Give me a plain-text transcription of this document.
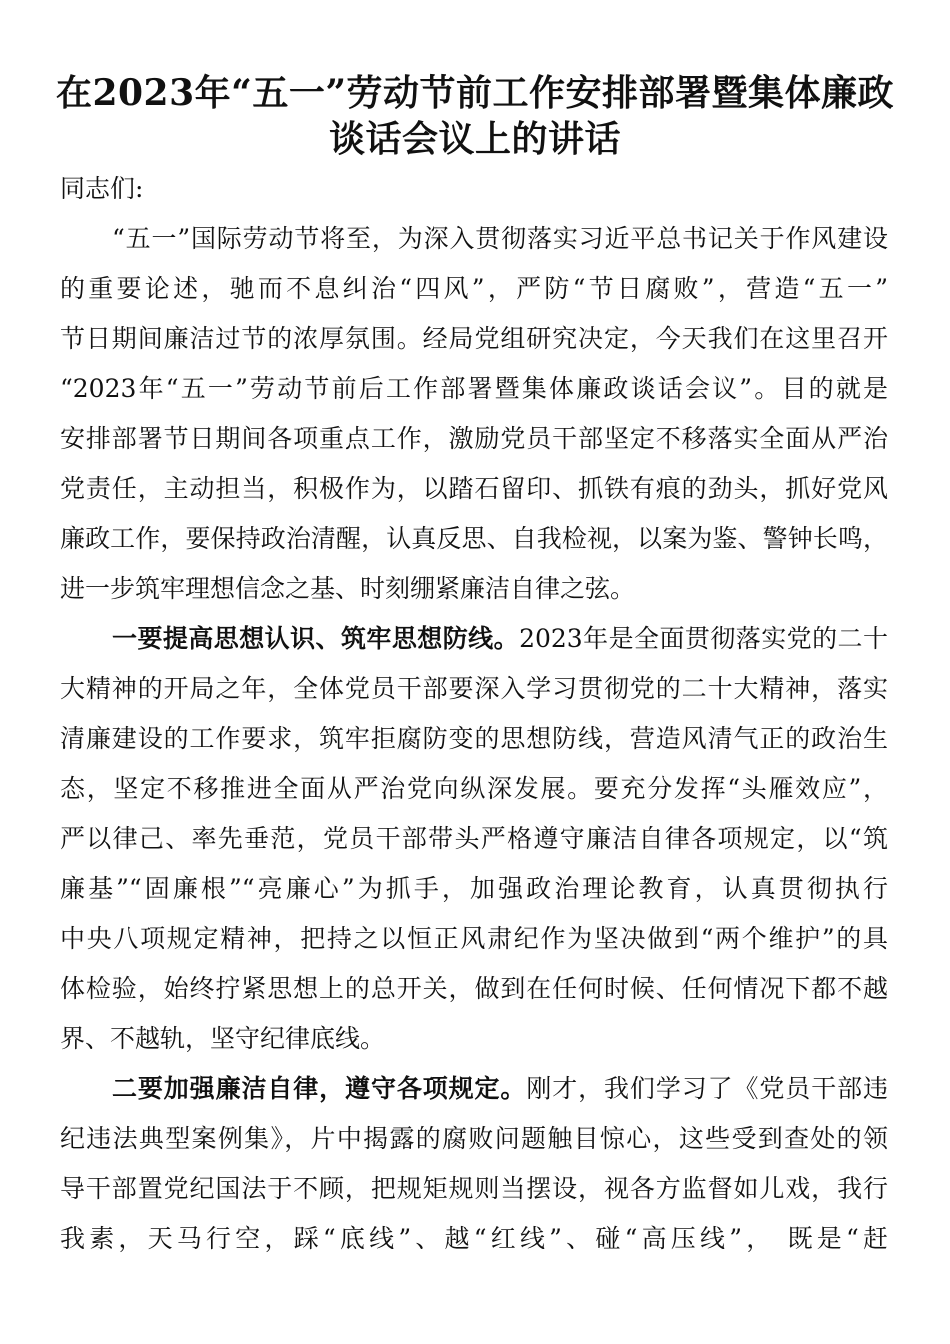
在2023年“五一”劳动节前工作安排部署暨集体廉政
谈话会议上的讲话
同志们:
“五一”国际劳动节将至，为深入贯彻落实习近平总书记关于作风建设
的重要论述，驰而不息纠治“四风”，严防“节日腐败”，营造“五一”
节日期间廉洁过节的浓厚氛围。经局党组研究决定，今天我们在这里召开
“2023年“五一”劳动节前后工作部署暨集体廉政谈话会议”。目的就是
安排部署节日期间各项重点工作，激励党员干部坚定不移落实全面从严治
党责任，主动担当，积极作为，以踏石留印、抓铁有痕的劲头，抓好党风
廉政工作，要保持政治清醒，认真反思、自我检视，以案为鉴、警钟长鸣，
进一步筑牢理想信念之基、时刻绷紧廉洁自律之弦。
一要提高思想认识、筑牢思想防线。2023年是全面贯彻落实党的二十
大精神的开局之年，全体党员干部要深入学习贯彻党的二十大精神，落实
清廉建设的工作要求，筑牢拒腐防变的思想防线，营造风清气正的政治生
态，坚定不移推进全面从严治党向纵深发展。要充分发挥“头雁效应”，
严以律己、率先垂范，党员干部带头严格遵守廉洁自律各项规定，以“筑
廉基”“固廉根”“亮廉心”为抓手，加强政治理论教育，认真贯彻执行
中央八项规定精神，把持之以恒正风肃纪作为坚决做到“两个维护”的具
体检验，始终拧紧思想上的总开关，做到在任何时候、任何情况下都不越
界、不越轨，坚守纪律底线。
二要加强廉洁自律，遵守各项规定。刚才，我们学习了《党员干部违
纪违法典型案例集》，片中揭露的腐败问题触目惊心，这些受到查处的领
导干部置党纪国法于不顾，把规矩规则当摆设，视各方监督如儿戏，我行
我素，天马行空，踩“底线”、越“红线”、碰“高压线”， 既是“赶
